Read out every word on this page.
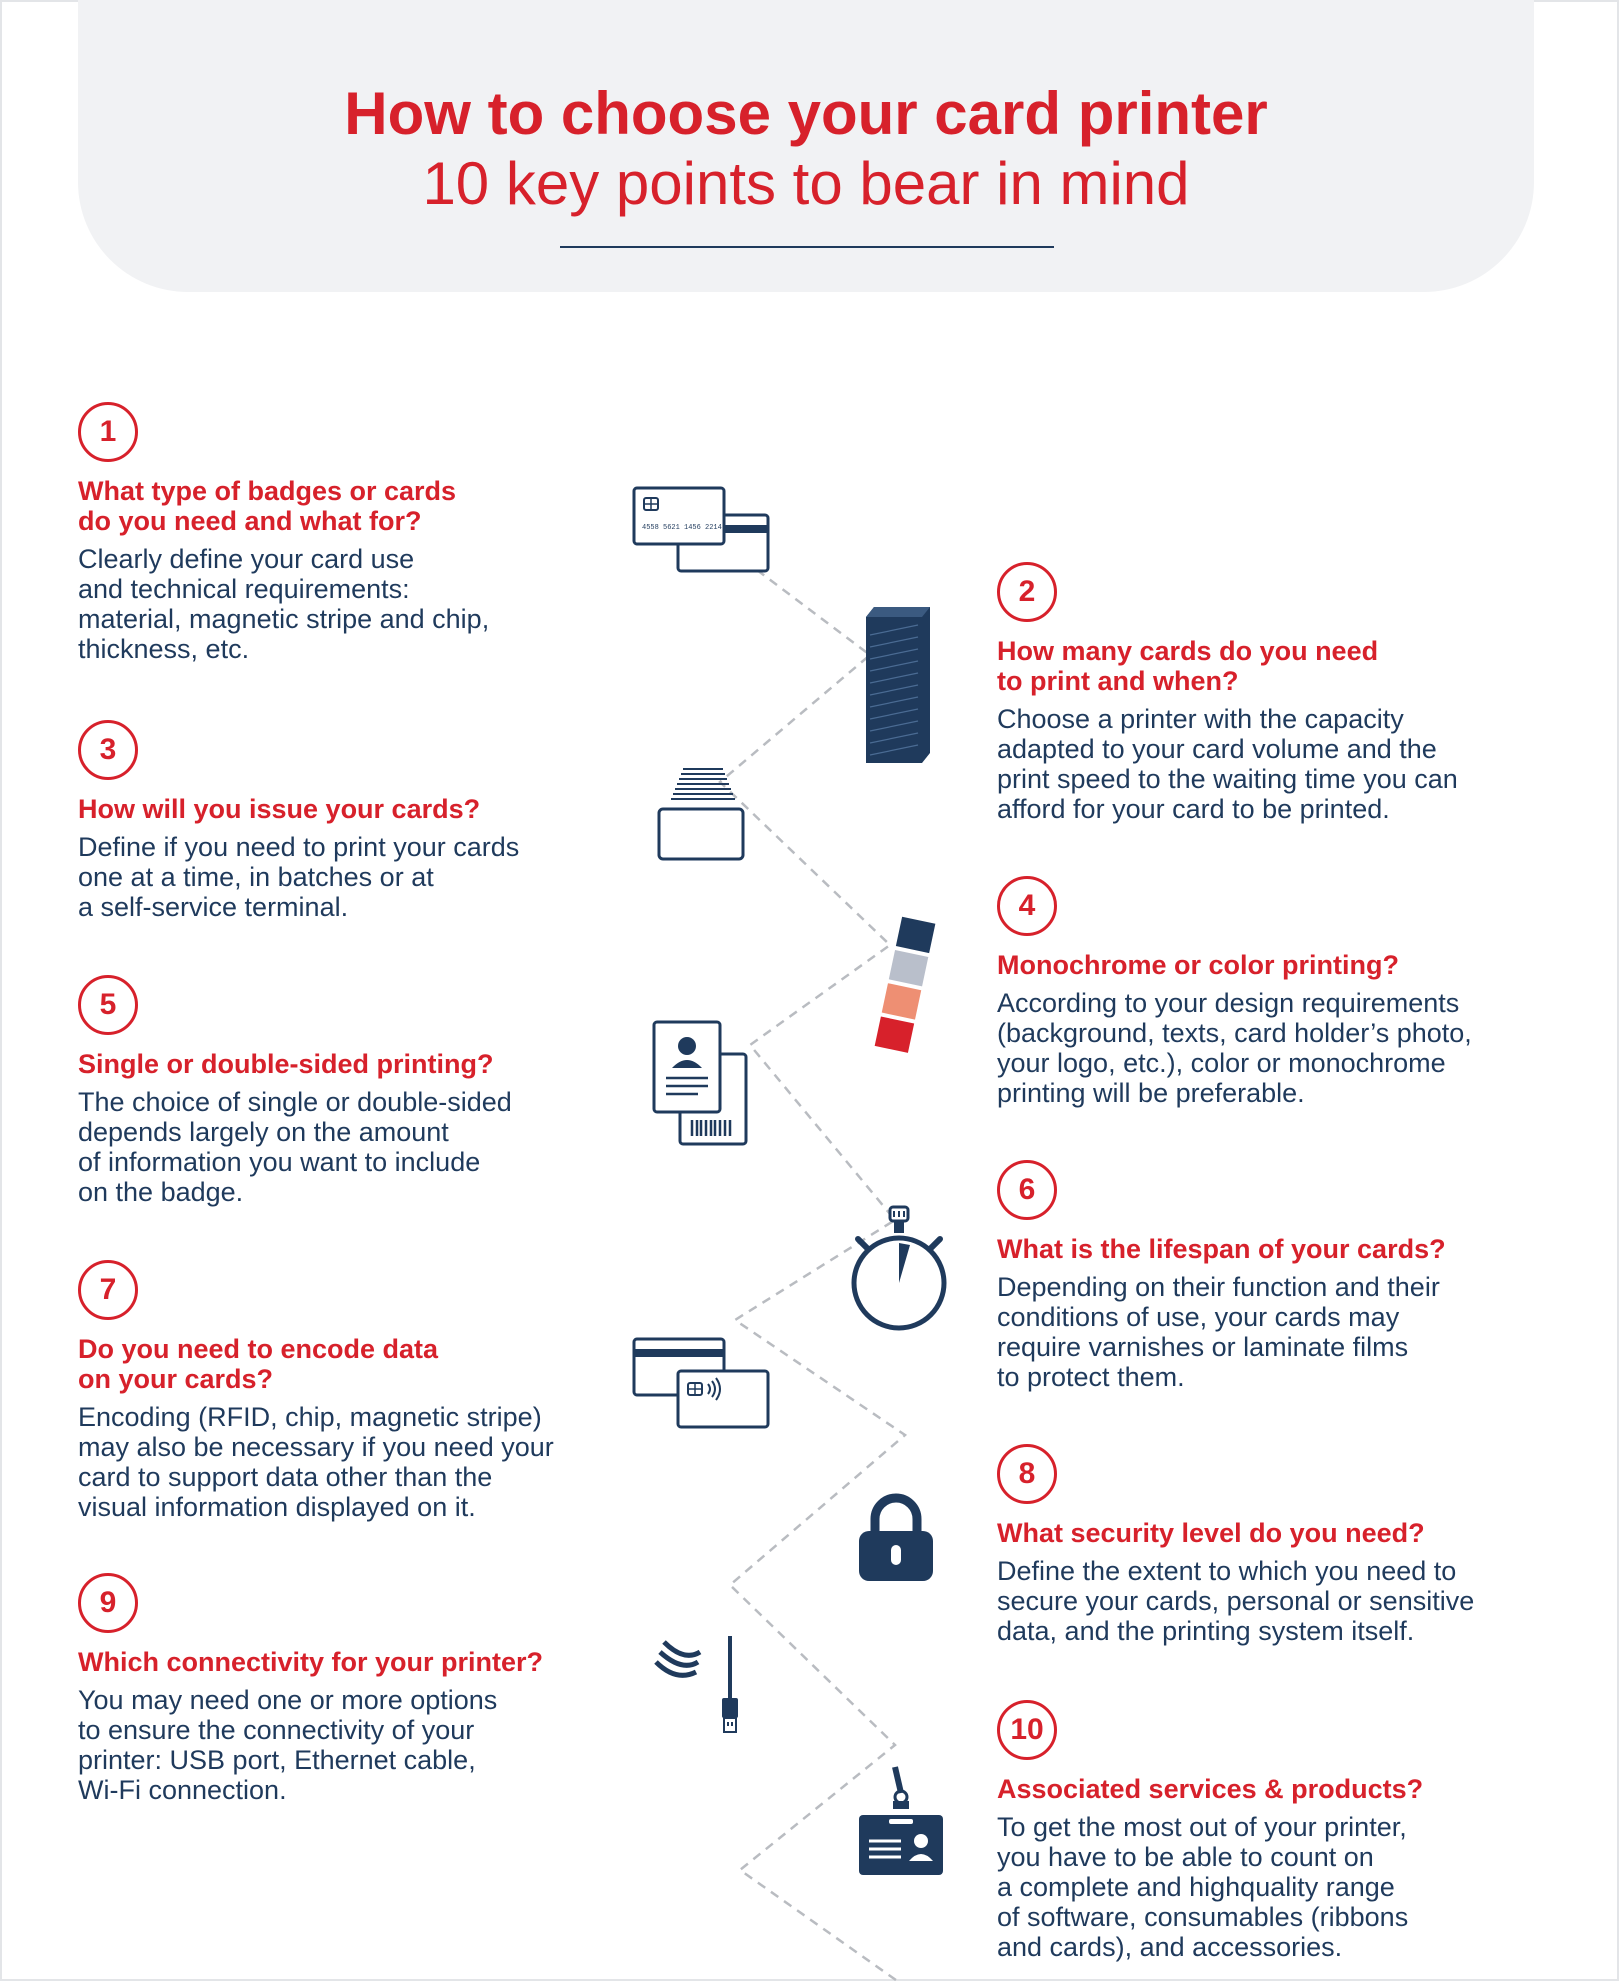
How to choose your card printer
10 key points to bear in mind
1
What type of badges or cards
do you need and what for?
Clearly define your card use
and technical requirements:
material, magnetic stripe and chip,
thickness, etc.
3
How will you issue your cards?
Define if you need to print your cards
one at a time, in batches or at
a self-service terminal.
5
Single or double-sided printing?
The choice of single or double-sided
depends largely on the amount
of information you want to include
on the badge.
7
Do you need to encode data
on your cards?
Encoding (RFID, chip, magnetic stripe)
may also be necessary if you need your
card to support data other than the
visual information displayed on it.
9
Which connectivity for your printer?
You may need one or more options
to ensure the connectivity of your
printer: USB port, Ethernet cable,
Wi-Fi connection.
2
How many cards do you need
to print and when?
Choose a printer with the capacity
adapted to your card volume and the
print speed to the waiting time you can
afford for your card to be printed.
4
Monochrome or color printing?
According to your design requirements
(background, texts, card holder’s photo,
your logo, etc.), color or monochrome
printing will be preferable.
6
What is the lifespan of your cards?
Depending on their function and their
conditions of use, your cards may
require varnishes or laminate films
to protect them.
8
What security level do you need?
Define the extent to which you need to
secure your cards, personal or sensitive
data, and the printing system itself.
10
Associated services & products?
To get the most out of your printer,
you have to be able to count on
a complete and highquality range
of software, consumables (ribbons
and cards), and accessories.
4558 5621 1456 2214
